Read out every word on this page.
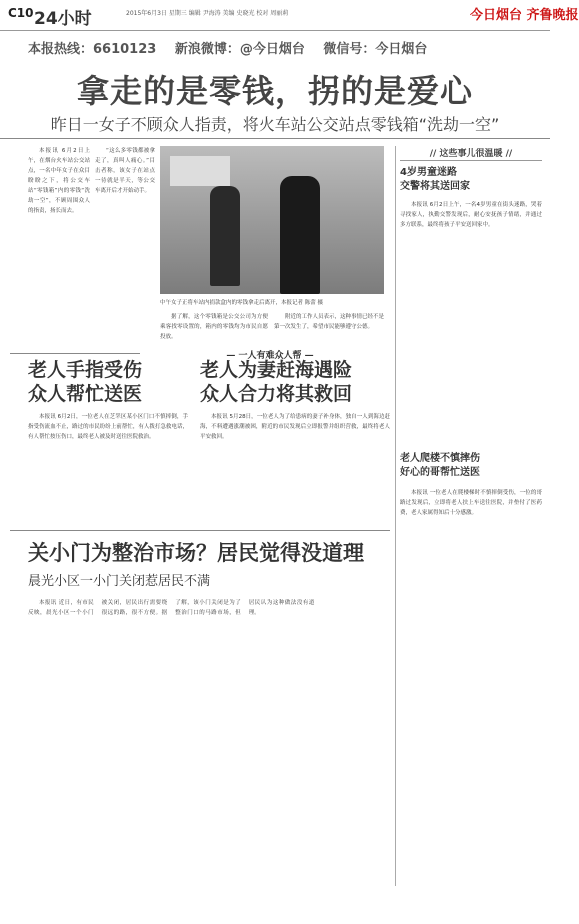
C10 24小时	2015年6月3日 星期三 编辑 尹海涛 美编 史晓光 校对 周丽莉	今日烟台 齐鲁晚报
本报热线：6610123 新浪微博：@今日烟台 微信号：今日烟台
拿走的是零钱，拐的是爱心
昨日一女子不顾众人指责，将火车站公交站点零钱箱“洗劫一空”

本报讯 6月2日上午，在烟台火车站公交站点，一名中年女子在众目睽睽之下，将公交车站“零钱箱”内的零钱“洗劫一空”，不顾周围众人的指责，扬长而去。

“这么多零钱都被拿走了，真叫人痛心。”目击者称，该女子在站点一待就是半天，等公交车离开后才开始动手。

中午女子正将车站内捐款盒内的零钱拿走后离开，本报记者 陈蕾 摄

据了解，这个零钱箱是公交公司为方便乘客找零设置的，箱内的零钱均为市民自愿投放。

附近的工作人员表示，这种事情已经不是第一次发生了，希望市民能够遵守公德。

— 一人有难众人帮 —
老人手指受伤
众人帮忙送医

本报讯 6月2日，一位老人在芝罘区某小区门口不慎摔倒，手指受伤流血不止，路过的市民纷纷上前帮忙，有人拨打急救电话，有人帮忙按压伤口，最终老人被及时送往医院救治。

老人为妻赶海遇险
众人合力将其救回

本报讯 5月28日，一位老人为了给患病的妻子补身体，独自一人到海边赶海，不料遭遇涨潮被困，附近的市民发现后立即报警并组织营救，最终将老人平安救回。

关小门为整治市场？居民觉得没道理
晨光小区一小门关闭惹居民不满

本报讯 近日，有市民反映，晨光小区一个小门被关闭，居民出行需要绕很远的路，很不方便。据了解，该小门关闭是为了整治门口的马路市场，但居民认为这种做法没有道理。

// 这些事儿很温暖 //
4岁男童迷路
交警将其送回家

本报讯 6月2日上午，一名4岁男童在街头迷路，哭着寻找家人，执勤交警发现后，耐心安抚孩子情绪，并通过多方联系，最终将孩子平安送回家中。

老人爬楼不慎摔伤
好心的哥帮忙送医

本报讯 一位老人在爬楼梯时不慎摔倒受伤，一位的哥路过发现后，立即将老人扶上车送往医院，并垫付了医药费，老人家属得知后十分感激。
